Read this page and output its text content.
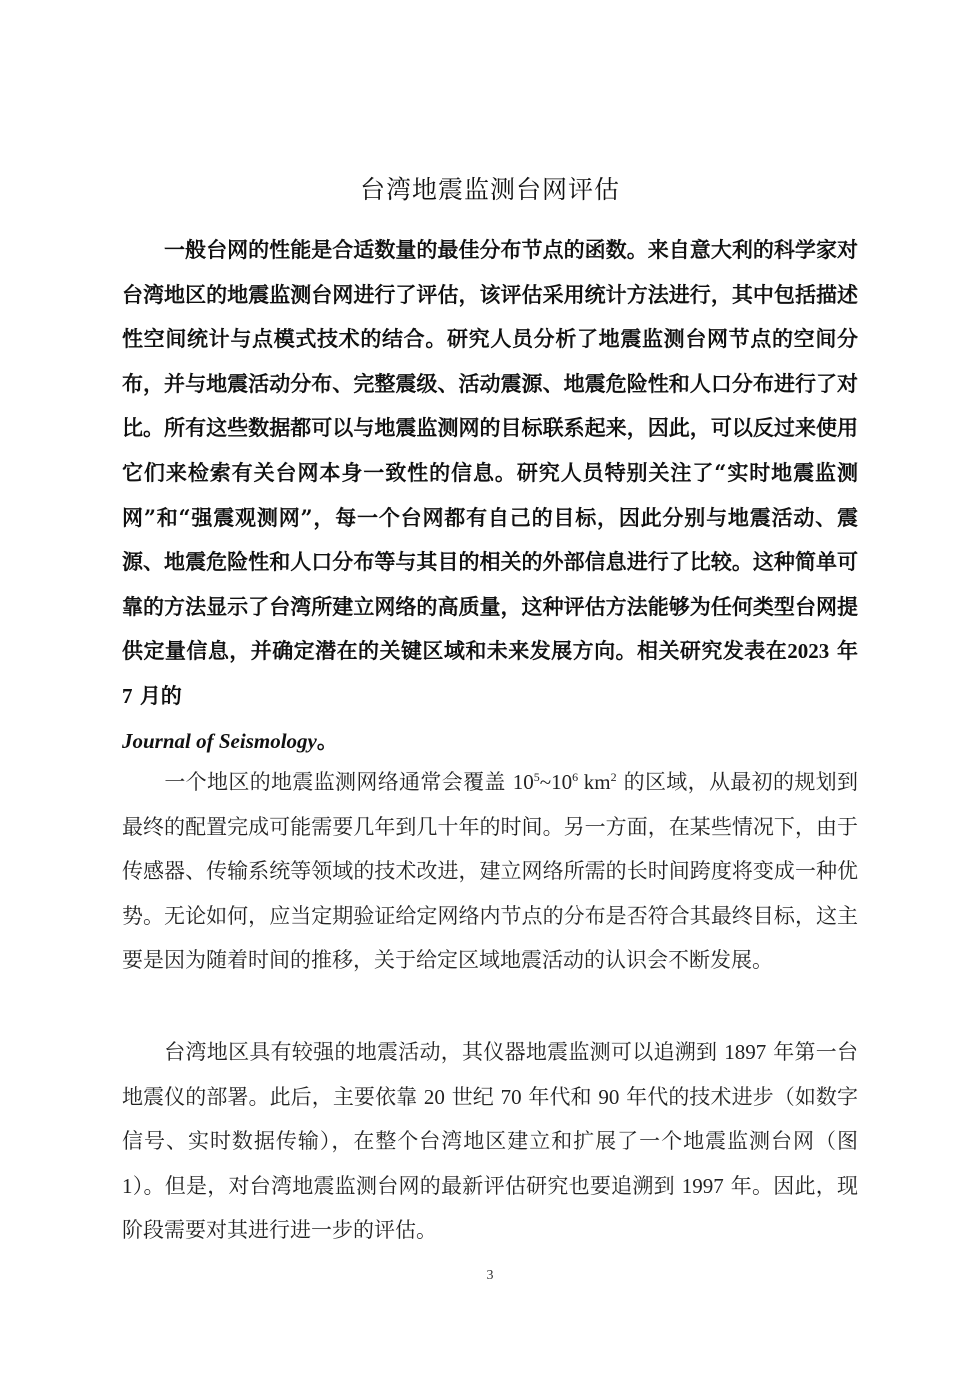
台湾地震监测台网评估

一般台网的性能是合适数量的最佳分布节点的函数。来自意大利的科学家对台湾地区的地震监测台网进行了评估，该评估采用统计方法进行，其中包括描述性空间统计与点模式技术的结合。研究人员分析了地震监测台网节点的空间分布，并与地震活动分布、完整震级、活动震源、地震危险性和人口分布进行了对比。所有这些数据都可以与地震监测网的目标联系起来，因此，可以反过来使用它们来检索有关台网本身一致性的信息。研究人员特别关注了“实时地震监测网”和“强震观测网”，每一个台网都有自己的目标，因此分别与地震活动、震源、地震危险性和人口分布等与其目的相关的外部信息进行了比较。这种简单可靠的方法显示了台湾所建立网络的高质量，这种评估方法能够为任何类型台网提供定量信息，并确定潜在的关键区域和未来发展方向。相关研究发表在2023 年 7 月的
Journal of Seismology。

一个地区的地震监测网络通常会覆盖 $10^5\sim 10^6$ $km^2$ 的区域，从最初的规划到最终的配置完成可能需要几年到几十年的时间。另一方面，在某些情况下，由于传感器、传输系统等领域的技术改进，建立网络所需的长时间跨度将变成一种优势。无论如何，应当定期验证给定网络内节点的分布是否符合其最终目标，这主要是因为随着时间的推移，关于给定区域地震活动的认识会不断发展。

台湾地区具有较强的地震活动，其仪器地震监测可以追溯到 1897 年第一台地震仪的部署。此后，主要依靠 20 世纪 70 年代和 90 年代的技术进步（如数字信号、实时数据传输），在整个台湾地区建立和扩展了一个地震监测台网（图 1）。但是，对台湾地震监测台网的最新评估研究也要追溯到 1997 年。因此，现阶段需要对其进行进一步的评估。

3
